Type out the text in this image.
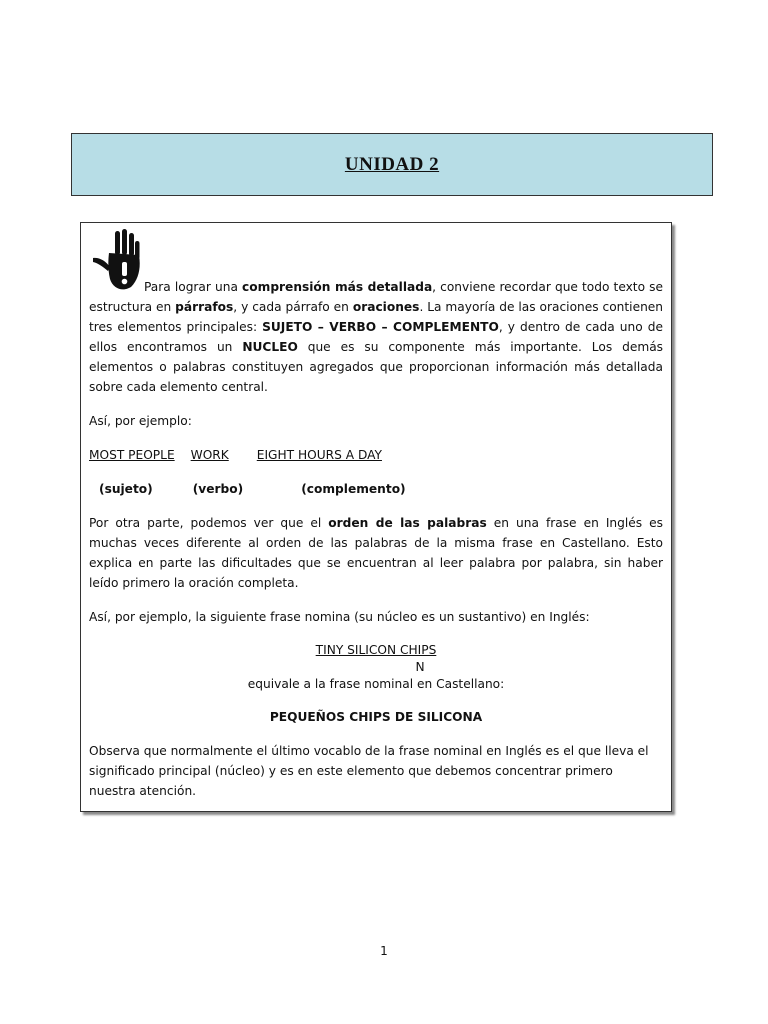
UNIDAD 2

Para lograr una comprensión más detallada, conviene recordar que todo texto se estructura en párrafos, y cada párrafo en oraciones. La mayoría de las oraciones contienen tres elementos principales: SUJETO – VERBO – COMPLEMENTO, y dentro de cada uno de ellos encontramos un NUCLEO que es su componente más importante. Los demás elementos o palabras constituyen agregados que proporcionan información más detallada sobre cada elemento central.

Así, por ejemplo:

MOST PEOPLE WORK EIGHT HOURS A DAY

(sujeto)	(verbo)	(complemento)

Por otra parte, podemos ver que el orden de las palabras en una frase en Inglés es muchas veces diferente al orden de las palabras de la misma frase en Castellano. Esto explica en parte las dificultades que se encuentran al leer palabra por palabra, sin haber leído primero la oración completa.

Así, por ejemplo, la siguiente frase nomina (su núcleo es un sustantivo) en Inglés:

TINY SILICON CHIPS

N

equivale a la frase nominal en Castellano:

PEQUEÑOS CHIPS DE SILICONA

Observa que normalmente el último vocablo de la frase nominal en Inglés es el que lleva el significado principal (núcleo) y es en este elemento que debemos concentrar primero nuestra atención.

1
